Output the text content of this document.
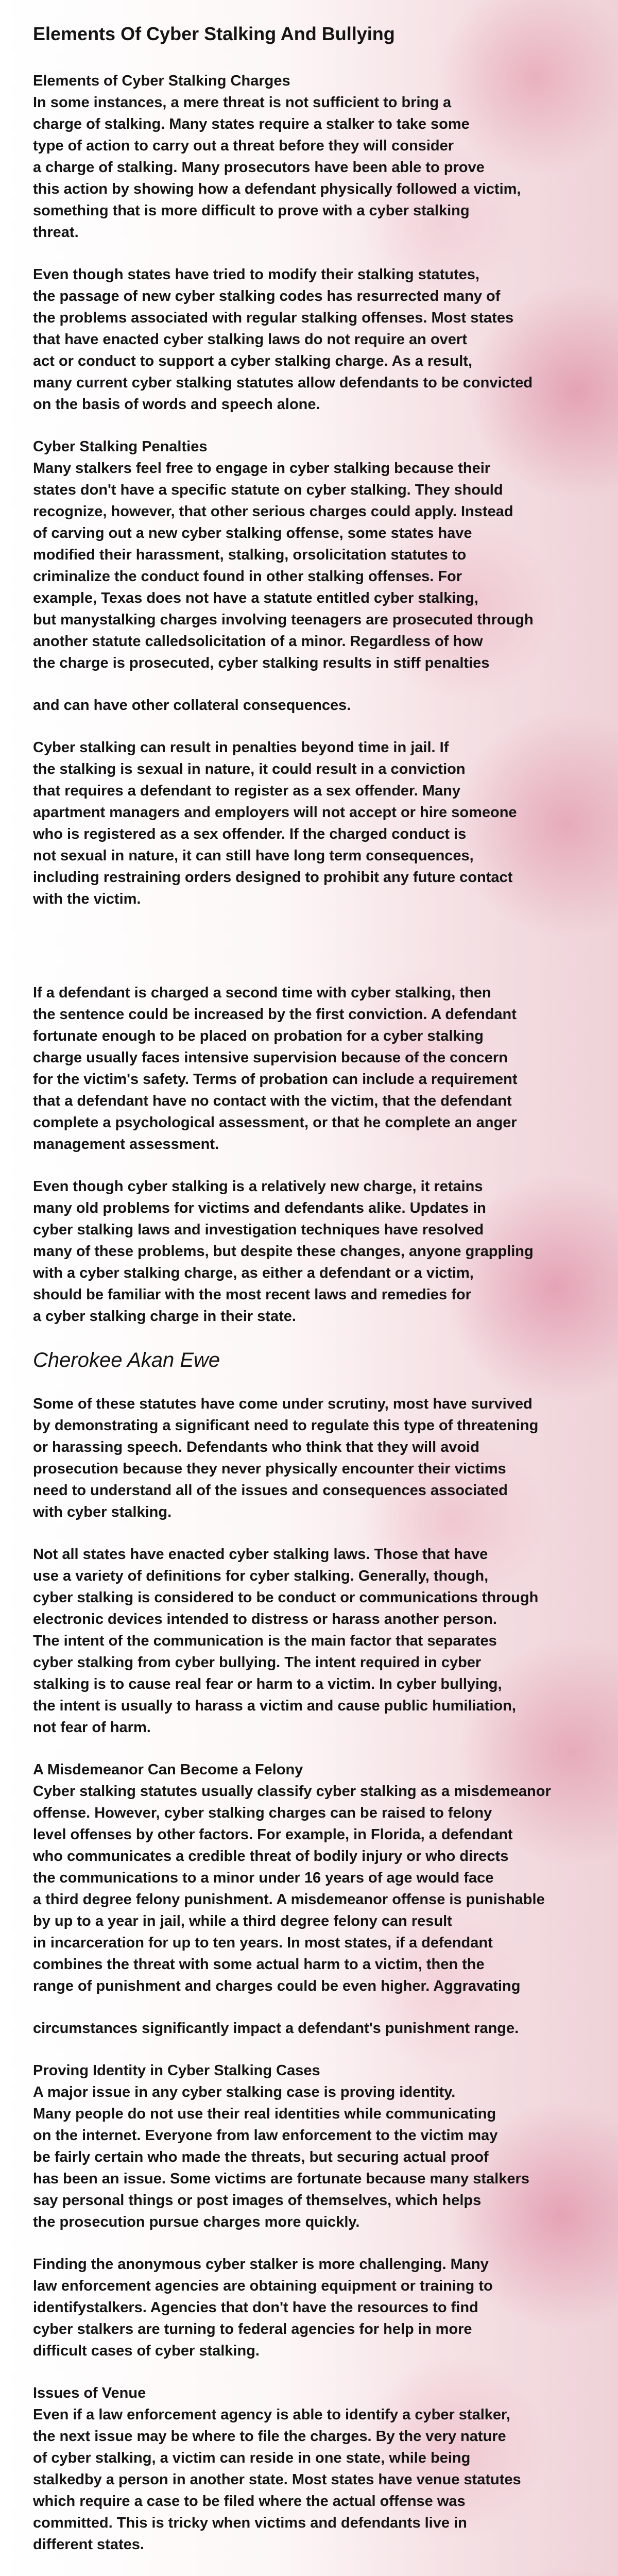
Elements Of Cyber Stalking And Bullying

Elements of Cyber Stalking Charges
In some instances, a mere threat is not sufficient to bring a
charge of stalking. Many states require a stalker to take some
type of action to carry out a threat before they will consider
a charge of stalking. Many prosecutors have been able to prove
this action by showing how a defendant physically followed a victim,
something that is more difficult to prove with a cyber stalking
threat.

Even though states have tried to modify their stalking statutes,
the passage of new cyber stalking codes has resurrected many of
the problems associated with regular stalking offenses. Most states
that have enacted cyber stalking laws do not require an overt
act or conduct to support a cyber stalking charge. As a result,
many current cyber stalking statutes allow defendants to be convicted
on the basis of words and speech alone.

Cyber Stalking Penalties
Many stalkers feel free to engage in cyber stalking because their
states don't have a specific statute on cyber stalking. They should
recognize, however, that other serious charges could apply. Instead
of carving out a new cyber stalking offense, some states have
modified their harassment, stalking, orsolicitation statutes to
criminalize the conduct found in other stalking offenses. For
example, Texas does not have a statute entitled cyber stalking,
but manystalking charges involving teenagers are prosecuted through
another statute calledsolicitation of a minor. Regardless of how
the charge is prosecuted, cyber stalking results in stiff penalties

and can have other collateral consequences.

Cyber stalking can result in penalties beyond time in jail. If
the stalking is sexual in nature, it could result in a conviction
that requires a defendant to register as a sex offender. Many
apartment managers and employers will not accept or hire someone
who is registered as a sex offender. If the charged conduct is
not sexual in nature, it can still have long term consequences,
including restraining orders designed to prohibit any future contact
with the victim.

If a defendant is charged a second time with cyber stalking, then
the sentence could be increased by the first conviction. A defendant
fortunate enough to be placed on probation for a cyber stalking
charge usually faces intensive supervision because of the concern
for the victim's safety. Terms of probation can include a requirement
that a defendant have no contact with the victim, that the defendant
complete a psychological assessment, or that he complete an anger
management assessment.

Even though cyber stalking is a relatively new charge, it retains
many old problems for victims and defendants alike. Updates in
cyber stalking laws and investigation techniques have resolved
many of these problems, but despite these changes, anyone grappling
with a cyber stalking charge, as either a defendant or a victim,
should be familiar with the most recent laws and remedies for
a cyber stalking charge in their state.

Cherokee Akan Ewe

Some of these statutes have come under scrutiny, most have survived
by demonstrating a significant need to regulate this type of threatening
or harassing speech. Defendants who think that they will avoid
prosecution because they never physically encounter their victims
need to understand all of the issues and consequences associated
with cyber stalking.

Not all states have enacted cyber stalking laws. Those that have
use a variety of definitions for cyber stalking. Generally, though,
cyber stalking is considered to be conduct or communications through
electronic devices intended to distress or harass another person.
The intent of the communication is the main factor that separates
cyber stalking from cyber bullying. The intent required in cyber
stalking is to cause real fear or harm to a victim. In cyber bullying,
the intent is usually to harass a victim and cause public humiliation,
not fear of harm.

A Misdemeanor Can Become a Felony
Cyber stalking statutes usually classify cyber stalking as a misdemeanor
offense. However, cyber stalking charges can be raised to felony
level offenses by other factors. For example, in Florida, a defendant
who communicates a credible threat of bodily injury or who directs
the communications to a minor under 16 years of age would face
a third degree felony punishment. A misdemeanor offense is punishable
by up to a year in jail, while a third degree felony can result
in incarceration for up to ten years. In most states, if a defendant
combines the threat with some actual harm to a victim, then the
range of punishment and charges could be even higher. Aggravating

circumstances significantly impact a defendant's punishment range.

Proving Identity in Cyber Stalking Cases
A major issue in any cyber stalking case is proving identity.
Many people do not use their real identities while communicating
on the internet. Everyone from law enforcement to the victim may
be fairly certain who made the threats, but securing actual proof
has been an issue. Some victims are fortunate because many stalkers
say personal things or post images of themselves, which helps
the prosecution pursue charges more quickly.

Finding the anonymous cyber stalker is more challenging. Many
law enforcement agencies are obtaining equipment or training to
identifystalkers. Agencies that don't have the resources to find
cyber stalkers are turning to federal agencies for help in more
difficult cases of cyber stalking.

Issues of Venue
Even if a law enforcement agency is able to identify a cyber stalker,
the next issue may be where to file the charges. By the very nature
of cyber stalking, a victim can reside in one state, while being
stalkedby a person in another state. Most states have venue statutes
which require a case to be filed where the actual offense was
committed. This is tricky when victims and defendants live in
different states.
